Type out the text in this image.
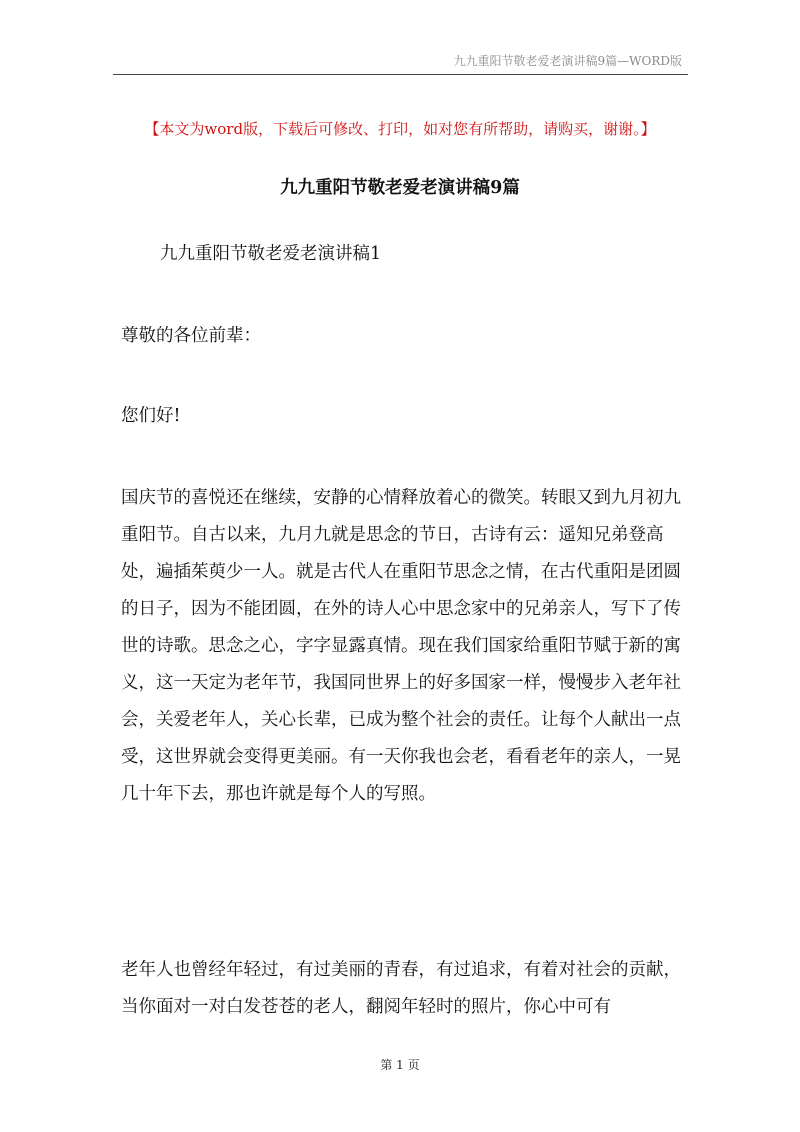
九九重阳节敬老爱老演讲稿9篇—WORD版
【本文为word版，下载后可修改、打印，如对您有所帮助，请购买，谢谢。】
九九重阳节敬老爱老演讲稿9篇
九九重阳节敬老爱老演讲稿1
尊敬的各位前辈：
您们好!
国庆节的喜悦还在继续，安静的心情释放着心的微笑。转眼又到九月初九重阳节。自古以来，九月九就是思念的节日，古诗有云：遥知兄弟登高处，遍插茱萸少一人。就是古代人在重阳节思念之情，在古代重阳是团圆的日子，因为不能团圆，在外的诗人心中思念家中的兄弟亲人，写下了传世的诗歌。思念之心，字字显露真情。现在我们国家给重阳节赋于新的寓义，这一天定为老年节，我国同世界上的好多国家一样，慢慢步入老年社会，关爱老年人，关心长辈，已成为整个社会的责任。让每个人献出一点受，这世界就会变得更美丽。有一天你我也会老，看看老年的亲人，一晃几十年下去，那也许就是每个人的写照。
老年人也曾经年轻过，有过美丽的青春，有过追求，有着对社会的贡献，当你面对一对白发苍苍的老人，翻阅年轻时的照片，你心中可有
第 1 页
